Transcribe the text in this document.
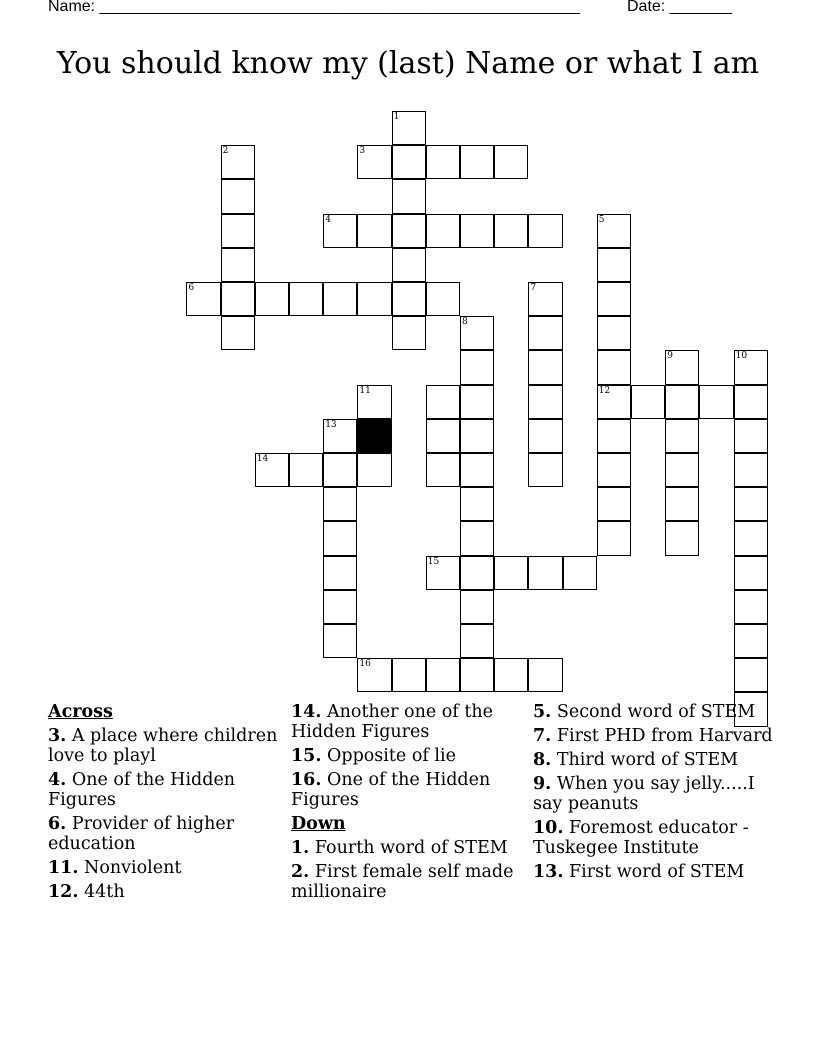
Name: ______________________________________________________	Date: _______
You should know my (last) Name or what I am
1
3
2
4	5
12
6	7
8
9	10
11
13
14
15
16
Across
3. A place where children love to playl
4. One of the Hidden Figures
6. Provider of higher education
11. Nonviolent
12. 44th
14. Another one of the Hidden Figures
15. Opposite of lie
16. One of the Hidden Figures
Down
1. Fourth word of STEM
2. First female self made millionaire
5. Second word of STEM
7. First PHD from Harvard
8. Third word of STEM
9. When you say jelly.....I say peanuts
10. Foremost educator - Tuskegee Institute
13. First word of STEM
